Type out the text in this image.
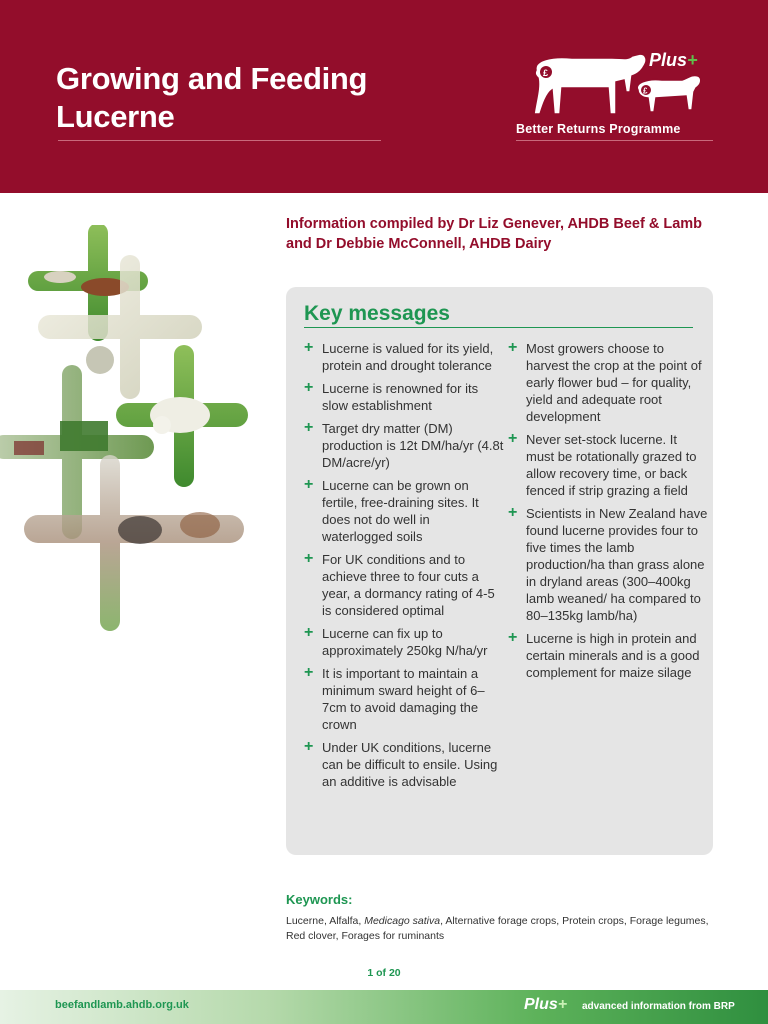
Growing and Feeding
Lucerne
£
£
Plus+
Better Returns Programme

Information compiled by Dr Liz Genever, AHDB Beef & Lamb and Dr Debbie McConnell, AHDB Dairy

Key messages
+ Lucerne is valued for its yield, protein and drought tolerance
+ Lucerne is renowned for its slow establishment
+ Target dry matter (DM) production is 12t DM/ha/yr (4.8t DM/acre/yr)
+ Lucerne can be grown on fertile, free-draining sites. It does not do well in waterlogged soils
+ For UK conditions and to achieve three to four cuts a year, a dormancy rating of 4-5 is considered optimal
+ Lucerne can fix up to approximately 250kg N/ha/yr
+ It is important to maintain a minimum sward height of 6–7cm to avoid damaging the crown
+ Under UK conditions, lucerne can be difficult to ensile. Using an additive is advisable
+ Most growers choose to harvest the crop at the point of early flower bud – for quality, yield and adequate root development
+ Never set-stock lucerne. It must be rotationally grazed to allow recovery time, or back fenced if strip grazing a field
+ Scientists in New Zealand have found lucerne provides four to five times the lamb production/ha than grass alone in dryland areas (300–400kg lamb weaned/ ha compared to 80–135kg lamb/ha)
+ Lucerne is high in protein and certain minerals and is a good complement for maize silage
Keywords:

Lucerne, Alfalfa, Medicago sativa, Alternative forage crops, Protein crops, Forage legumes, Red clover, Forages for ruminants

1 of 20
beefandlamb.ahdb.org.uk	Plus+ advanced information from BRP
